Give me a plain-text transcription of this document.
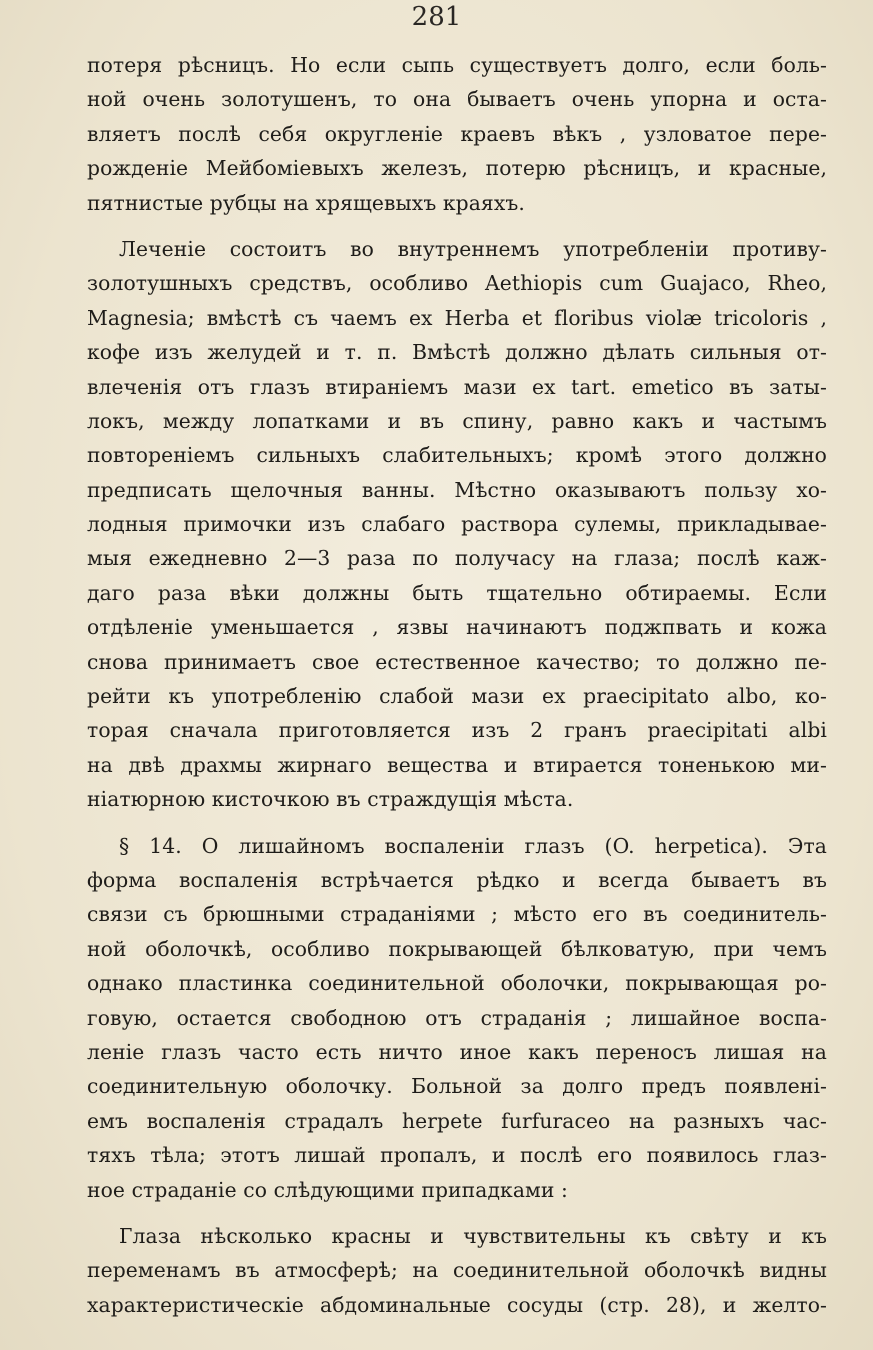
281
потеря рѣсницъ. Но если сыпь существуетъ долго, если боль-
ной очень золотушенъ, то она бываетъ очень упорна и оста-
вляетъ послѣ себя округленіе краевъ вѣкъ , узловатое пере-
рожденіе Мейбоміевыхъ железъ, потерю рѣсницъ, и красные,
пятнистые рубцы на хрящевыхъ краяхъ.
Леченіе состоитъ во внутреннемъ употребленіи противу-
золотушныхъ средствъ, особливо Aethiopis cum Guajaco, Rheo,
Magnesia; вмѣстѣ съ чаемъ ex Herba et floribus violæ tricoloris ,
кофе изъ желудей и т. п. Вмѣстѣ должно дѣлать сильныя от-
влеченія отъ глазъ втираніемъ мази ex tart. emetico въ заты-
локъ, между лопатками и въ спину, равно какъ и частымъ
повтореніемъ сильныхъ слабительныхъ; кромѣ этого должно
предписать щелочныя ванны. Мѣстно оказываютъ пользу хо-
лодныя примочки изъ слабаго раствора сулемы, прикладывае-
мыя ежедневно 2—3 раза по получасу на глаза; послѣ каж-
даго раза вѣки должны быть тщательно обтираемы. Если
отдѣленіе уменьшается , язвы начинаютъ поджпвать и кожа
снова принимаетъ свое естественное качество; то должно пе-
рейти къ употребленію слабой мази ex praecipitato albo, ко-
торая сначала приготовляется изъ 2 гранъ praecipitati albi
на двѣ драхмы жирнаго вещества и втирается тоненькою ми-
ніатюрною кисточкою въ страждущія мѣста.
§ 14. О лишайномъ воспаленіи глазъ (O. herpetica). Эта
форма воспаленія встрѣчается рѣдко и всегда бываетъ въ
связи съ брюшными страданіями ; мѣсто его въ соединитель-
ной оболочкѣ, особливо покрывающей бѣлковатую, при чемъ
однако пластинка соединительной оболочки, покрывающая ро-
говую, остается свободною отъ страданія ; лишайное воспа-
леніе глазъ часто есть ничто иное какъ переносъ лишая на
соединительную оболочку. Больной за долго предъ появлені-
емъ воспаленія страдалъ herpete furfuraceo на разныхъ час-
тяхъ тѣла; этотъ лишай пропалъ, и послѣ его появилось глаз-
ное страданіе со слѣдующими припадками :
Глаза нѣсколько красны и чувствительны къ свѣту и къ
переменамъ въ атмосферѣ; на соединительной оболочкѣ видны
характеристическіе абдоминальные сосуды (стр. 28), и желто-
